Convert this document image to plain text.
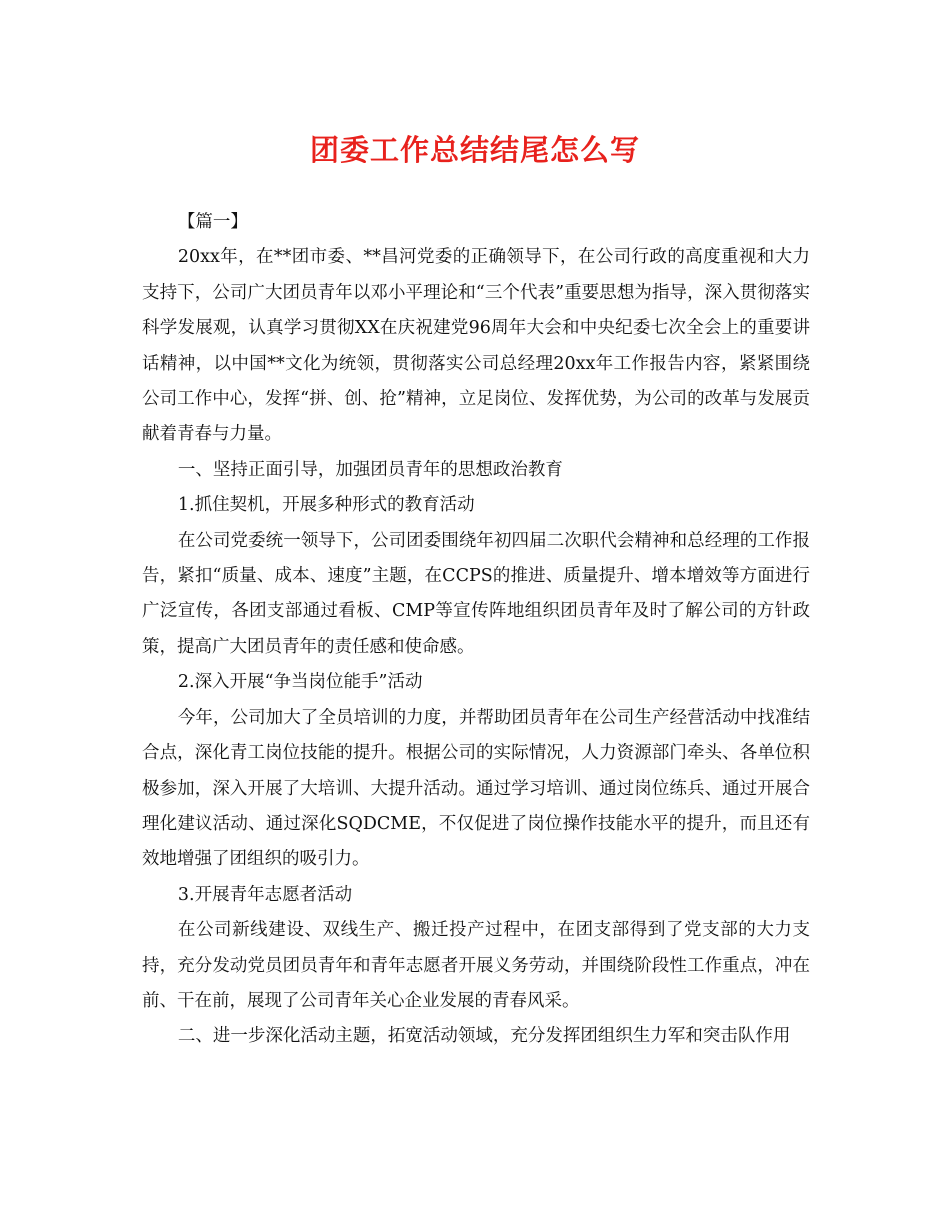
团委工作总结结尾怎么写

【篇一】

20xx年，在**团市委、**昌河党委的正确领导下，在公司行政的高度重视和大力支持下，公司广大团员青年以邓小平理论和“三个代表”重要思想为指导，深入贯彻落实科学发展观，认真学习贯彻XX在庆祝建党96周年大会和中央纪委七次全会上的重要讲话精神，以中国**文化为统领，贯彻落实公司总经理20xx年工作报告内容，紧紧围绕公司工作中心，发挥“拼、创、抢”精神，立足岗位、发挥优势，为公司的改革与发展贡献着青春与力量。

一、坚持正面引导，加强团员青年的思想政治教育

1.抓住契机，开展多种形式的教育活动

在公司党委统一领导下，公司团委围绕年初四届二次职代会精神和总经理的工作报告，紧扣“质量、成本、速度”主题，在CCPS的推进、质量提升、增本增效等方面进行广泛宣传，各团支部通过看板、CMP等宣传阵地组织团员青年及时了解公司的方针政策，提高广大团员青年的责任感和使命感。

2.深入开展“争当岗位能手”活动

今年，公司加大了全员培训的力度，并帮助团员青年在公司生产经营活动中找准结合点，深化青工岗位技能的提升。根据公司的实际情况，人力资源部门牵头、各单位积极参加，深入开展了大培训、大提升活动。通过学习培训、通过岗位练兵、通过开展合理化建议活动、通过深化SQDCME，不仅促进了岗位操作技能水平的提升，而且还有效地增强了团组织的吸引力。

3.开展青年志愿者活动

在公司新线建设、双线生产、搬迁投产过程中，在团支部得到了党支部的大力支持，充分发动党员团员青年和青年志愿者开展义务劳动，并围绕阶段性工作重点，冲在前、干在前，展现了公司青年关心企业发展的青春风采。

二、进一步深化活动主题，拓宽活动领域，充分发挥团组织生力军和突击队作用
